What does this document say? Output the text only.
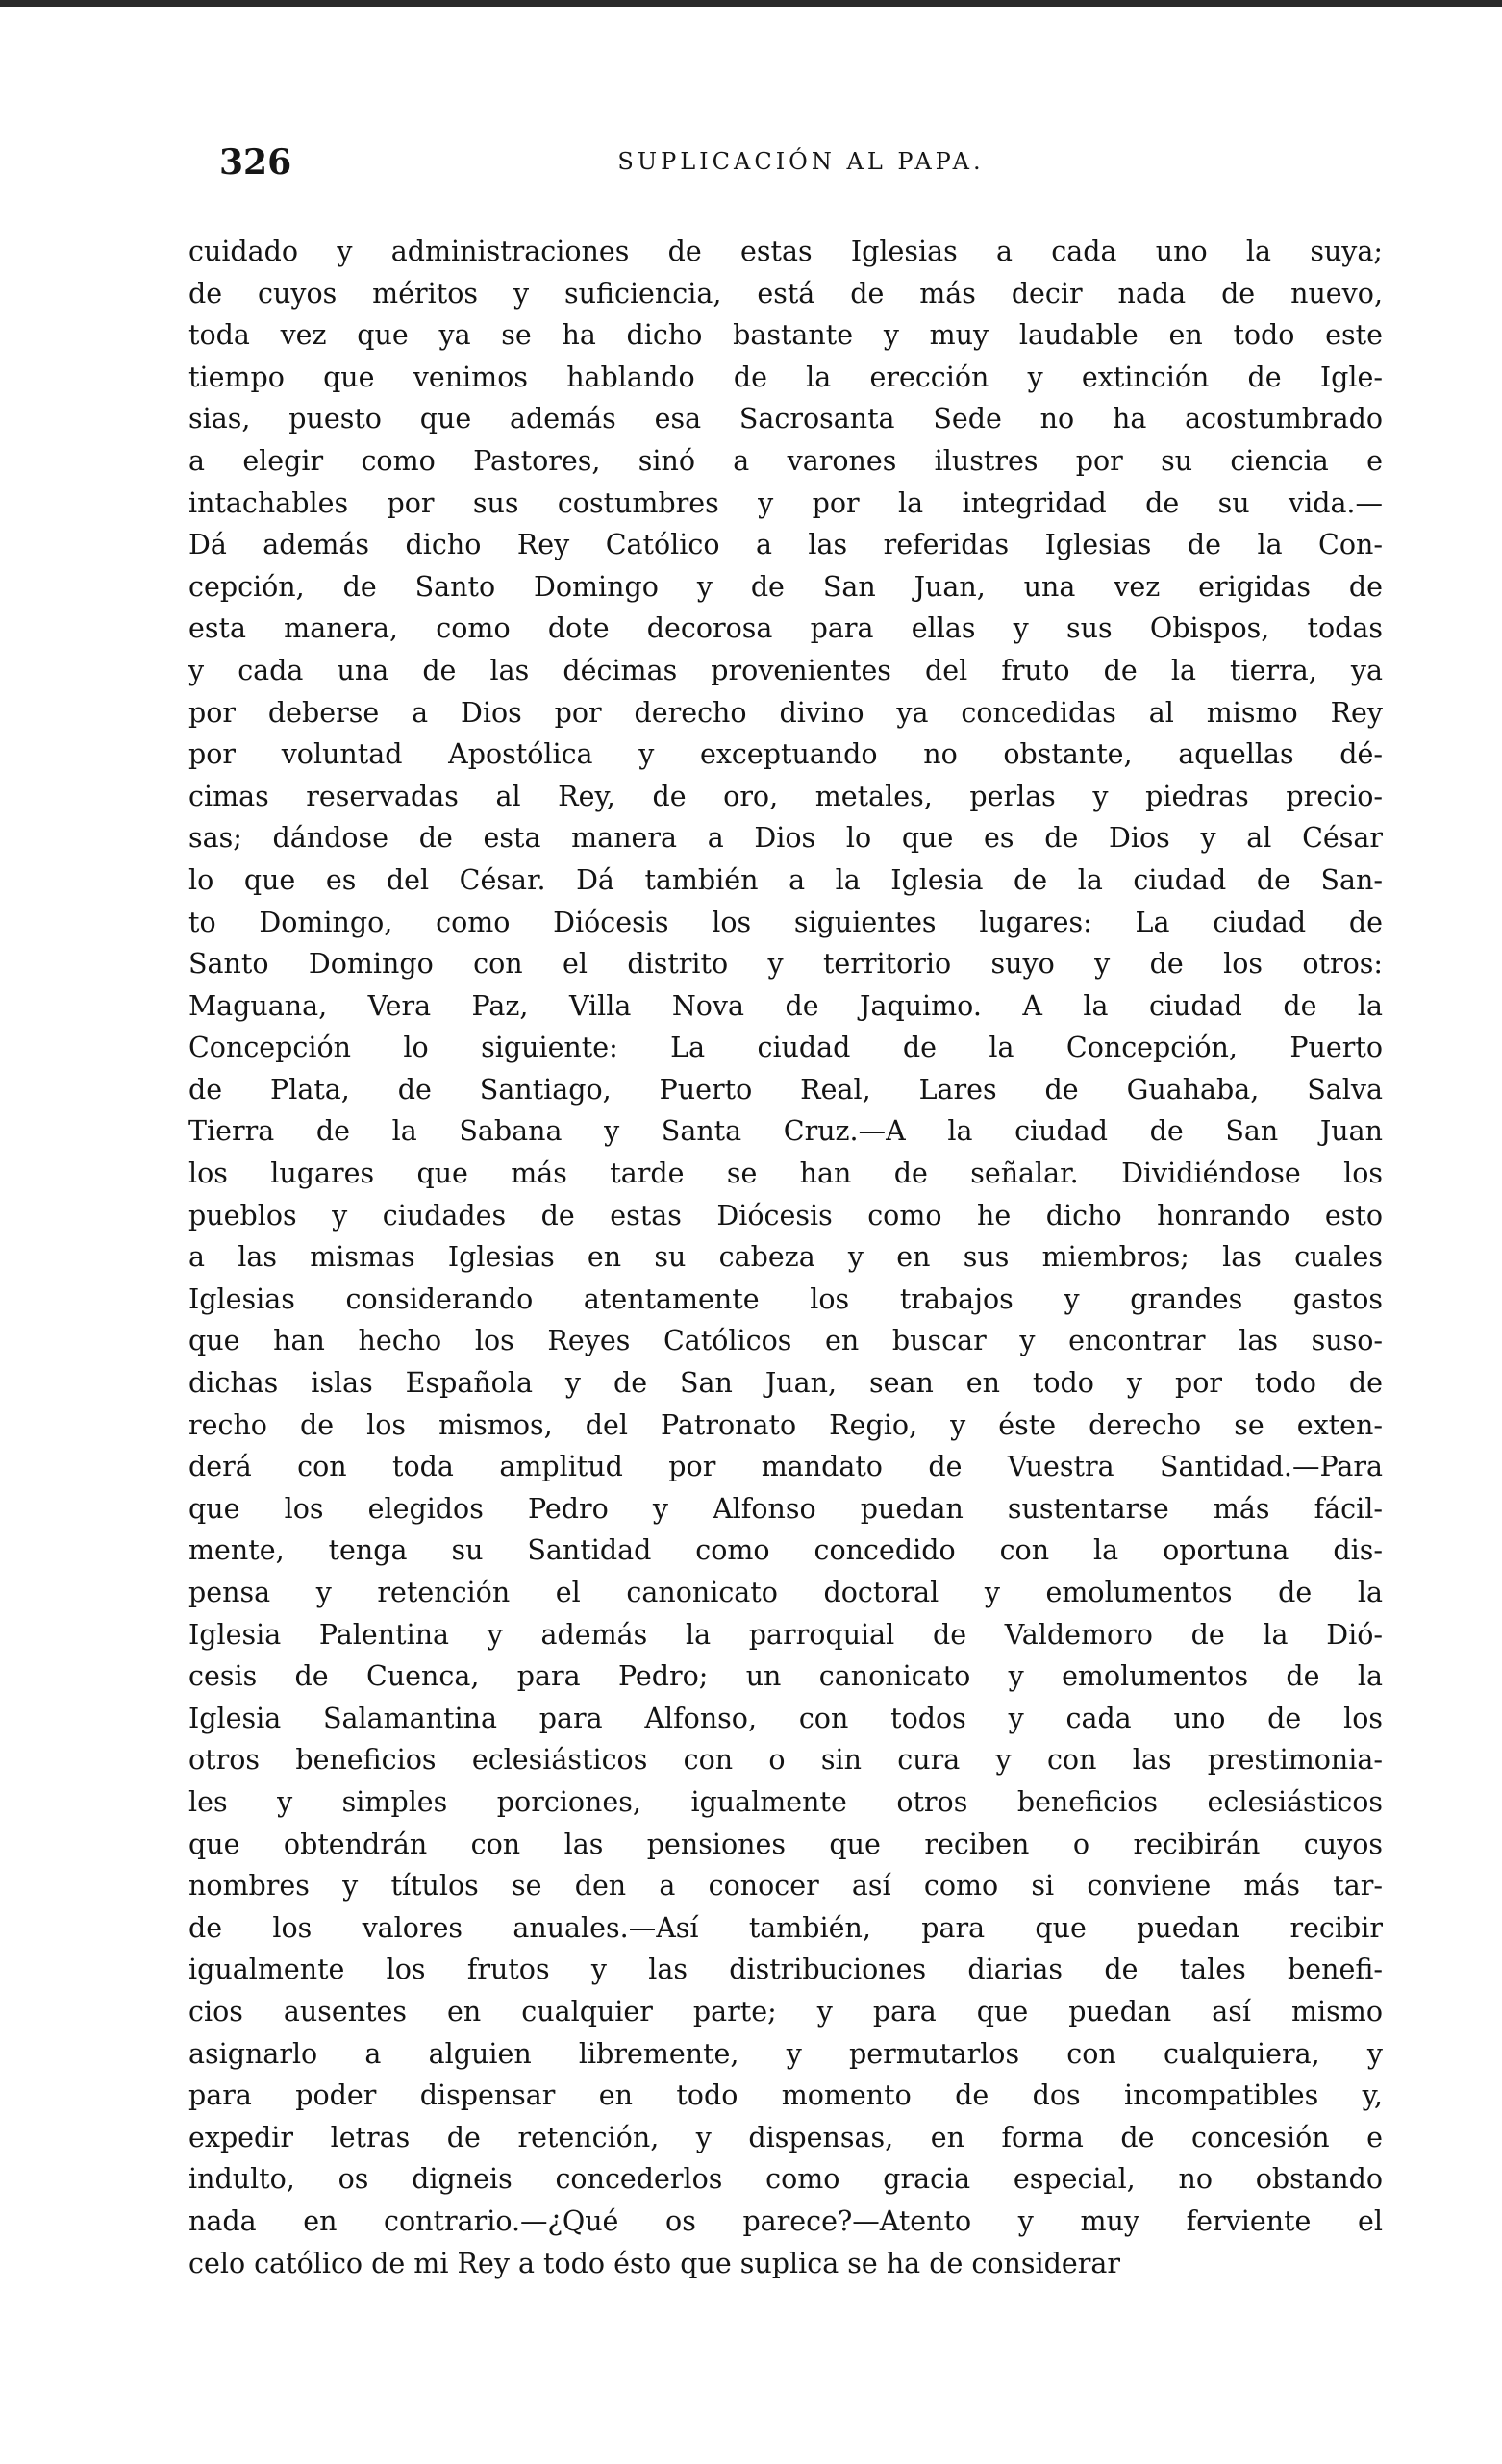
326	SUPLICACIÓN AL PAPA.
cuidado y administraciones de estas Iglesias a cada uno la suya;
de cuyos méritos y suficiencia, está de más decir nada de nuevo,
toda vez que ya se ha dicho bastante y muy laudable en todo este
tiempo que venimos hablando de la erección y extinción de Igle-
sias, puesto que además esa Sacrosanta Sede no ha acostumbrado
a elegir como Pastores, sinó a varones ilustres por su ciencia e
intachables por sus costumbres y por la integridad de su vida.—
Dá además dicho Rey Católico a las referidas Iglesias de la Con-
cepción, de Santo Domingo y de San Juan, una vez erigidas de
esta manera, como dote decorosa para ellas y sus Obispos, todas
y cada una de las décimas provenientes del fruto de la tierra, ya
por deberse a Dios por derecho divino ya concedidas al mismo Rey
por voluntad Apostólica y exceptuando no obstante, aquellas dé-
cimas reservadas al Rey, de oro, metales, perlas y piedras precio-
sas; dándose de esta manera a Dios lo que es de Dios y al César
lo que es del César. Dá también a la Iglesia de la ciudad de San-
to Domingo, como Diócesis los siguientes lugares: La ciudad de
Santo Domingo con el distrito y territorio suyo y de los otros:
Maguana, Vera Paz, Villa Nova de Jaquimo. A la ciudad de la
Concepción lo siguiente: La ciudad de la Concepción, Puerto
de Plata, de Santiago, Puerto Real, Lares de Guahaba, Salva
Tierra de la Sabana y Santa Cruz.—A la ciudad de San Juan
los lugares que más tarde se han de señalar. Dividiéndose los
pueblos y ciudades de estas Diócesis como he dicho honrando esto
a las mismas Iglesias en su cabeza y en sus miembros; las cuales
Iglesias considerando atentamente los trabajos y grandes gastos
que han hecho los Reyes Católicos en buscar y encontrar las suso-
dichas islas Española y de San Juan, sean en todo y por todo de
recho de los mismos, del Patronato Regio, y éste derecho se exten-
derá con toda amplitud por mandato de Vuestra Santidad.—Para
que los elegidos Pedro y Alfonso puedan sustentarse más fácil-
mente, tenga su Santidad como concedido con la oportuna dis-
pensa y retención el canonicato doctoral y emolumentos de la
Iglesia Palentina y además la parroquial de Valdemoro de la Dió-
cesis de Cuenca, para Pedro; un canonicato y emolumentos de la
Iglesia Salamantina para Alfonso, con todos y cada uno de los
otros beneficios eclesiásticos con o sin cura y con las prestimonia-
les y simples porciones, igualmente otros beneficios eclesiásticos
que obtendrán con las pensiones que reciben o recibirán cuyos
nombres y títulos se den a conocer así como si conviene más tar-
de los valores anuales.—Así también, para que puedan recibir
igualmente los frutos y las distribuciones diarias de tales benefi-
cios ausentes en cualquier parte; y para que puedan así mismo
asignarlo a alguien libremente, y permutarlos con cualquiera, y
para poder dispensar en todo momento de dos incompatibles y,
expedir letras de retención, y dispensas, en forma de concesión e
indulto, os digneis concederlos como gracia especial, no obstando
nada en contrario.—¿Qué os parece?—Atento y muy ferviente el
celo católico de mi Rey a todo ésto que suplica se ha de considerar
